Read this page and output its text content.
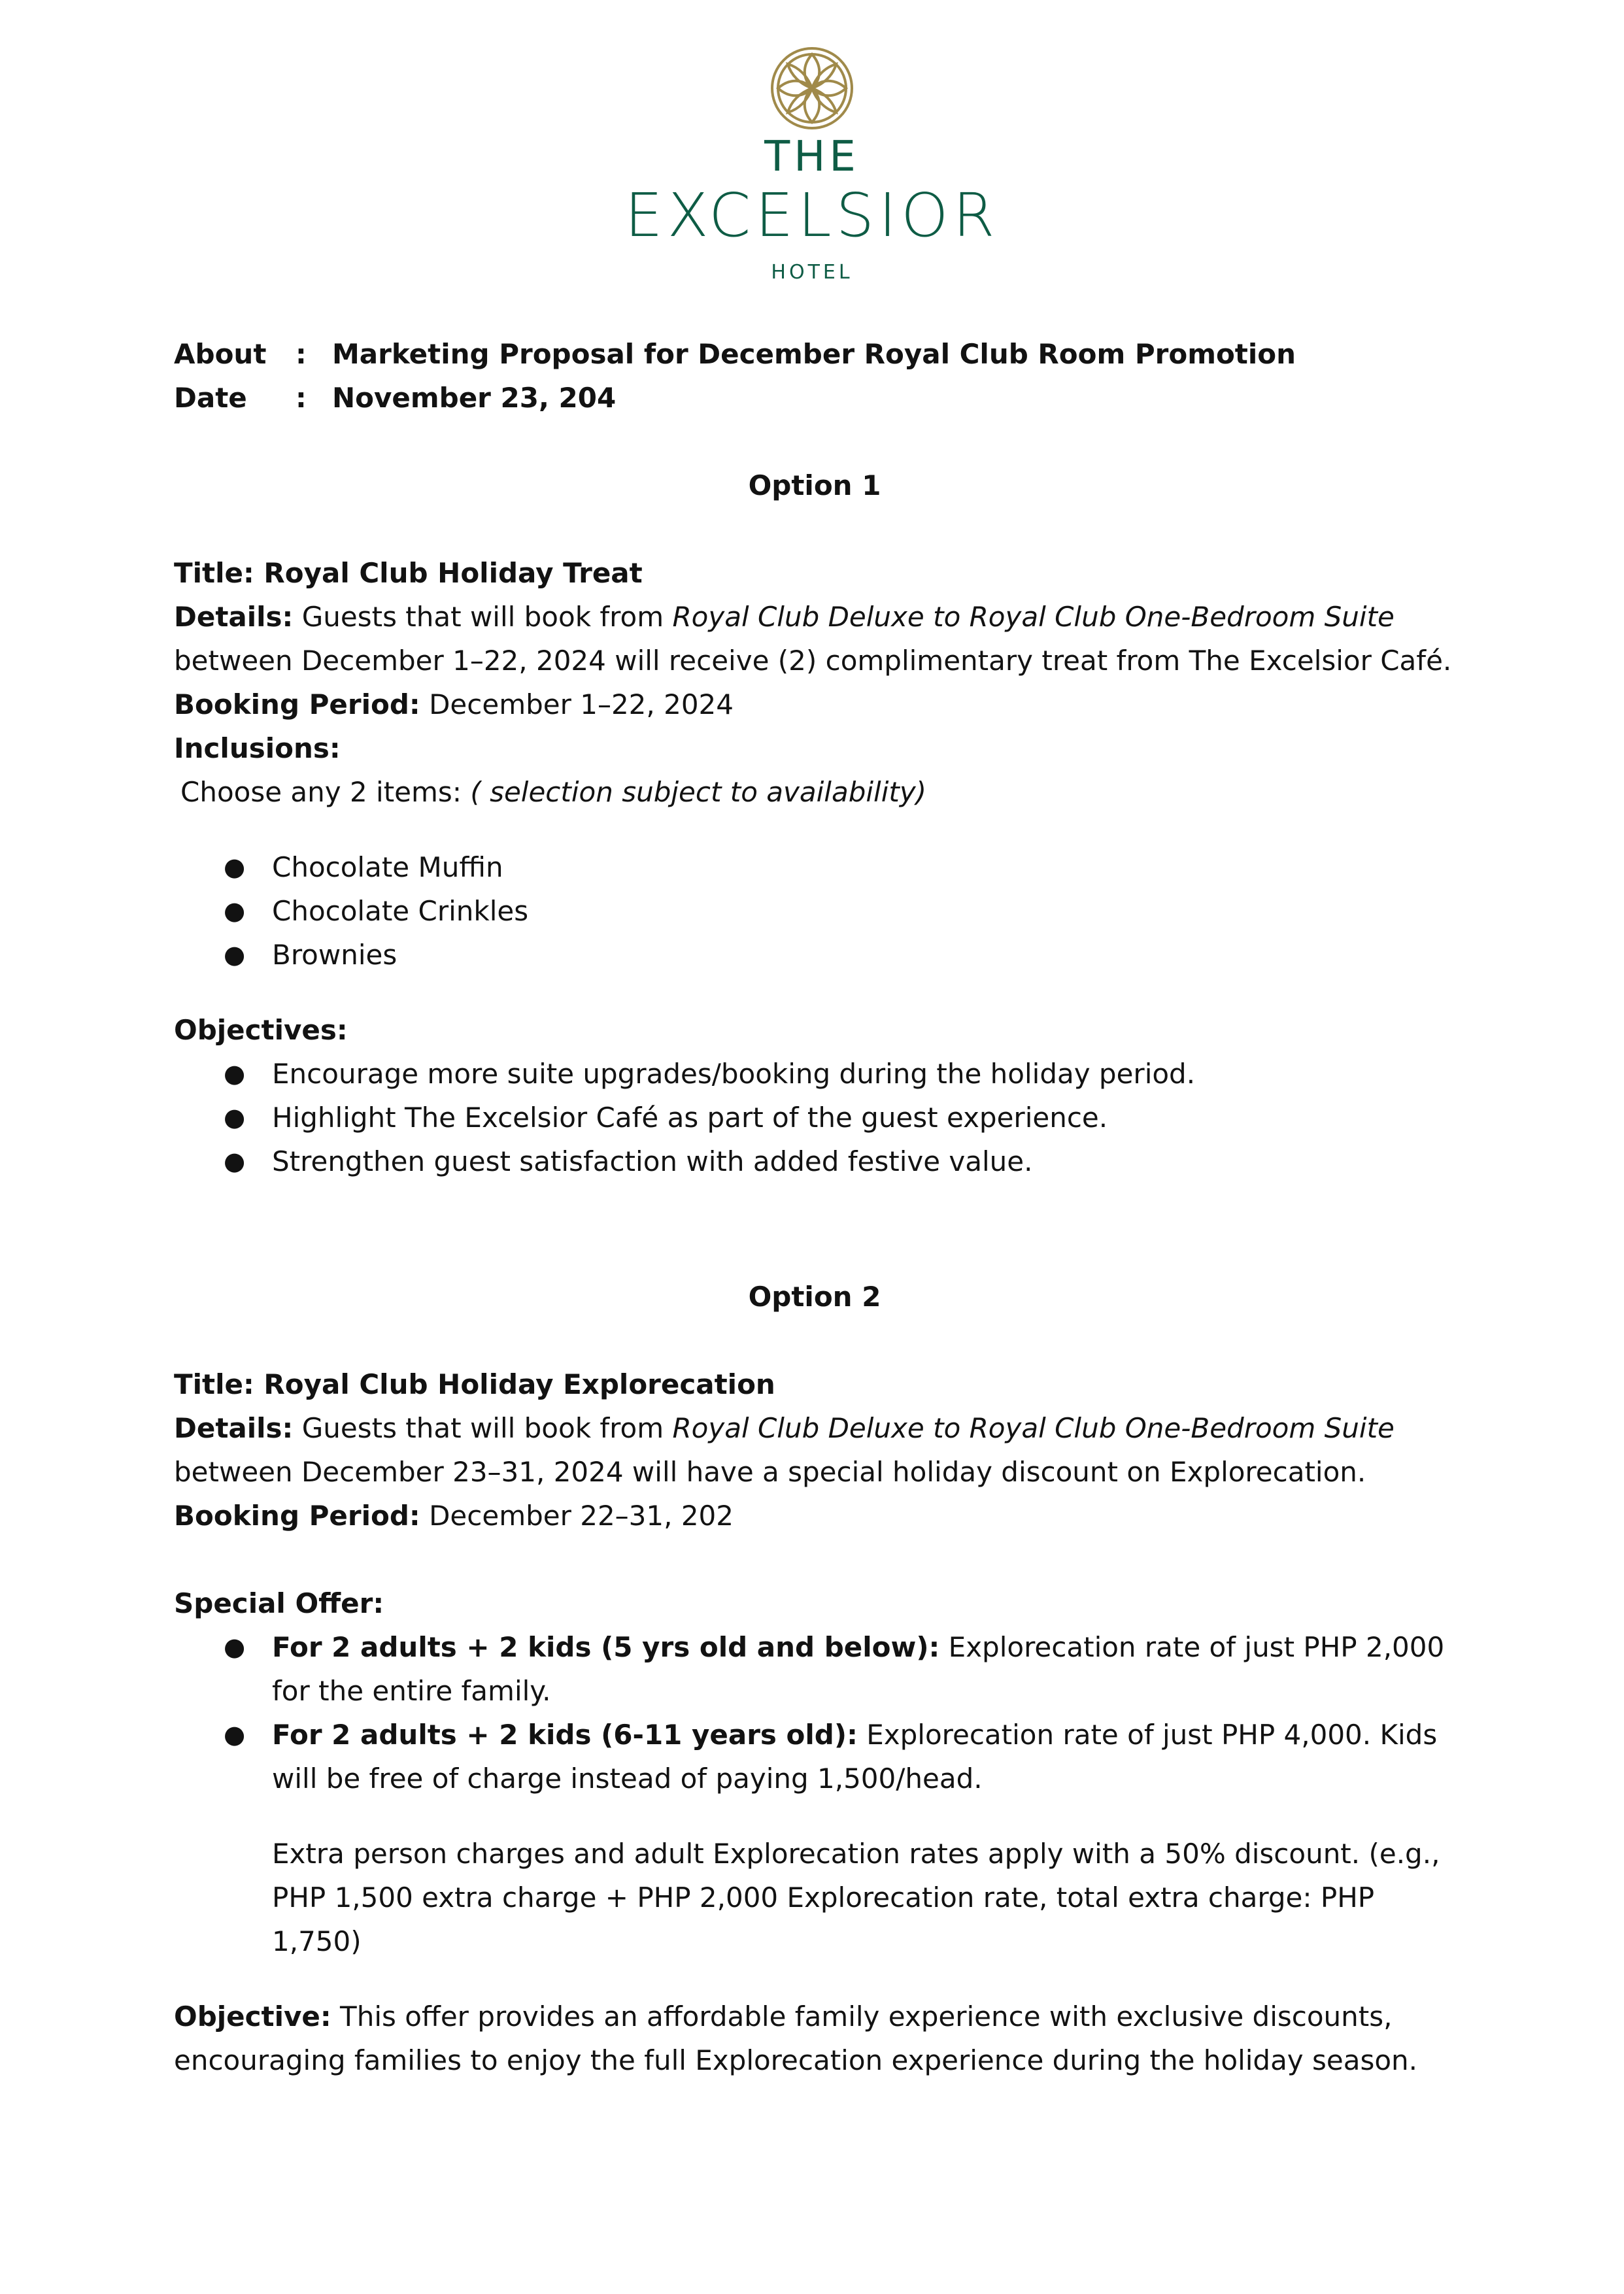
THE
EXCELSIOR
HOTEL
About	: Marketing Proposal for December Royal Club Room Promotion
Date	: November 23, 204

Option 1

Title: Royal Club Holiday Treat

Details: Guests that will book from Royal Club Deluxe to Royal Club One-Bedroom Suite

between December 1–22, 2024 will receive (2) complimentary treat from The Excelsior Café.

Booking Period: December 1–22, 2024

Inclusions:

Choose any 2 items: ( selection subject to availability)

● Chocolate Muffin
● Chocolate Crinkles
● Brownies

Objectives:

● Encourage more suite upgrades/booking during the holiday period.
● Highlight The Excelsior Café as part of the guest experience.
● Strengthen guest satisfaction with added festive value.

Option 2

Title: Royal Club Holiday Explorecation

Details: Guests that will book from Royal Club Deluxe to Royal Club One-Bedroom Suite

between December 23–31, 2024 will have a special holiday discount on Explorecation.

Booking Period: December 22–31, 202

Special Offer:

● For 2 adults + 2 kids (5 yrs old and below): Explorecation rate of just PHP 2,000 for the entire family.
● For 2 adults + 2 kids (6-11 years old): Explorecation rate of just PHP 4,000. Kids will be free of charge instead of paying 1,500/head.

Extra person charges and adult Explorecation rates apply with a 50% discount. (e.g., PHP 1,500 extra charge + PHP 2,000 Explorecation rate, total extra charge: PHP 1,750)

Objective: This offer provides an affordable family experience with exclusive discounts, encouraging families to enjoy the full Explorecation experience during the holiday season.
